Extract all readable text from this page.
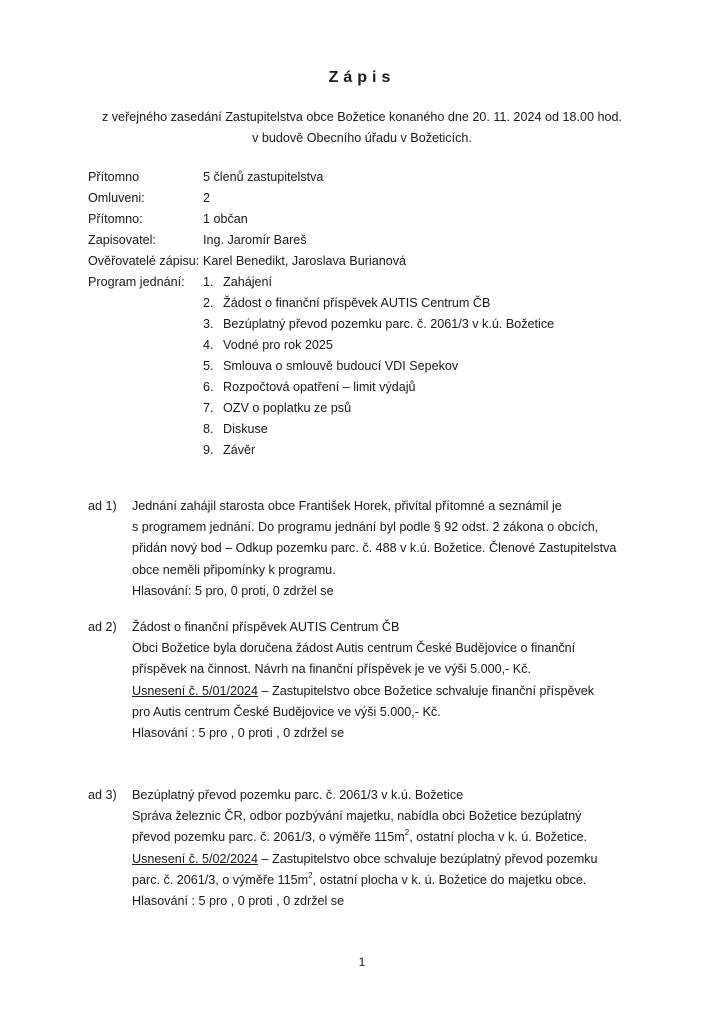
Zápis
z veřejného zasedání Zastupitelstva obce Božetice konaného dne 20. 11. 2024 od 18.00 hod.
v budově Obecního úřadu v Božeticích.
Přítomno	5 členů zastupitelstva
Omluveni:	2
Přítomno:	1 občan
Zapisovatel:	Ing. Jaromír Bareš
Ověřovatelé zápisu: Karel Benedikt, Jaroslava Burianová
Program jednání: 1. Zahájení
2. Žádost o finanční příspěvek AUTIS Centrum ČB
3. Bezúplatný převod pozemku parc. č. 2061/3 v k.ú. Božetice
4. Vodné pro rok 2025
5. Smlouva o smlouvě budoucí VDI Sepekov
6. Rozpočtová opatření – limit výdajů
7. OZV o poplatku ze psů
8. Diskuse
9. Závěr
ad 1) Jednání zahájil starosta obce František Horek, přivítal přítomné a seznámil je
s programem jednání. Do programu jednání byl podle § 92 odst. 2 zákona o obcích,
přidán nový bod – Odkup pozemku parc. č. 488 v k.ú. Božetice. Členové Zastupitelstva
obce neměli připomínky k programu.
Hlasování: 5 pro, 0 proti, 0 zdržel se
ad 2) Žádost o finanční příspěvek AUTIS Centrum ČB
Obci Božetice byla doručena žádost Autis centrum České Budějovice o finanční
příspěvek na činnost. Návrh na finanční příspěvek je ve výši 5.000,- Kč.
Usnesení č. 5/01/2024 – Zastupitelstvo obce Božetice schvaluje finanční příspěvek
pro Autis centrum České Budějovice ve výši 5.000,- Kč.
Hlasování : 5 pro , 0 proti , 0 zdržel se
ad 3) Bezúplatný převod pozemku parc. č. 2061/3 v k.ú. Božetice
Správa železnic ČR, odbor pozbývání majetku, nabídla obci Božetice bezúplatný
převod pozemku parc. č. 2061/3, o výměře $115m^2$, ostatní plocha v k. ú. Božetice.
Usnesení č. 5/02/2024 – Zastupitelstvo obce schvaluje bezúplatný převod pozemku
parc. č. 2061/3, o výměře $115m^2$, ostatní plocha v k. ú. Božetice do majetku obce.
Hlasování : 5 pro , 0 proti , 0 zdržel se
1
